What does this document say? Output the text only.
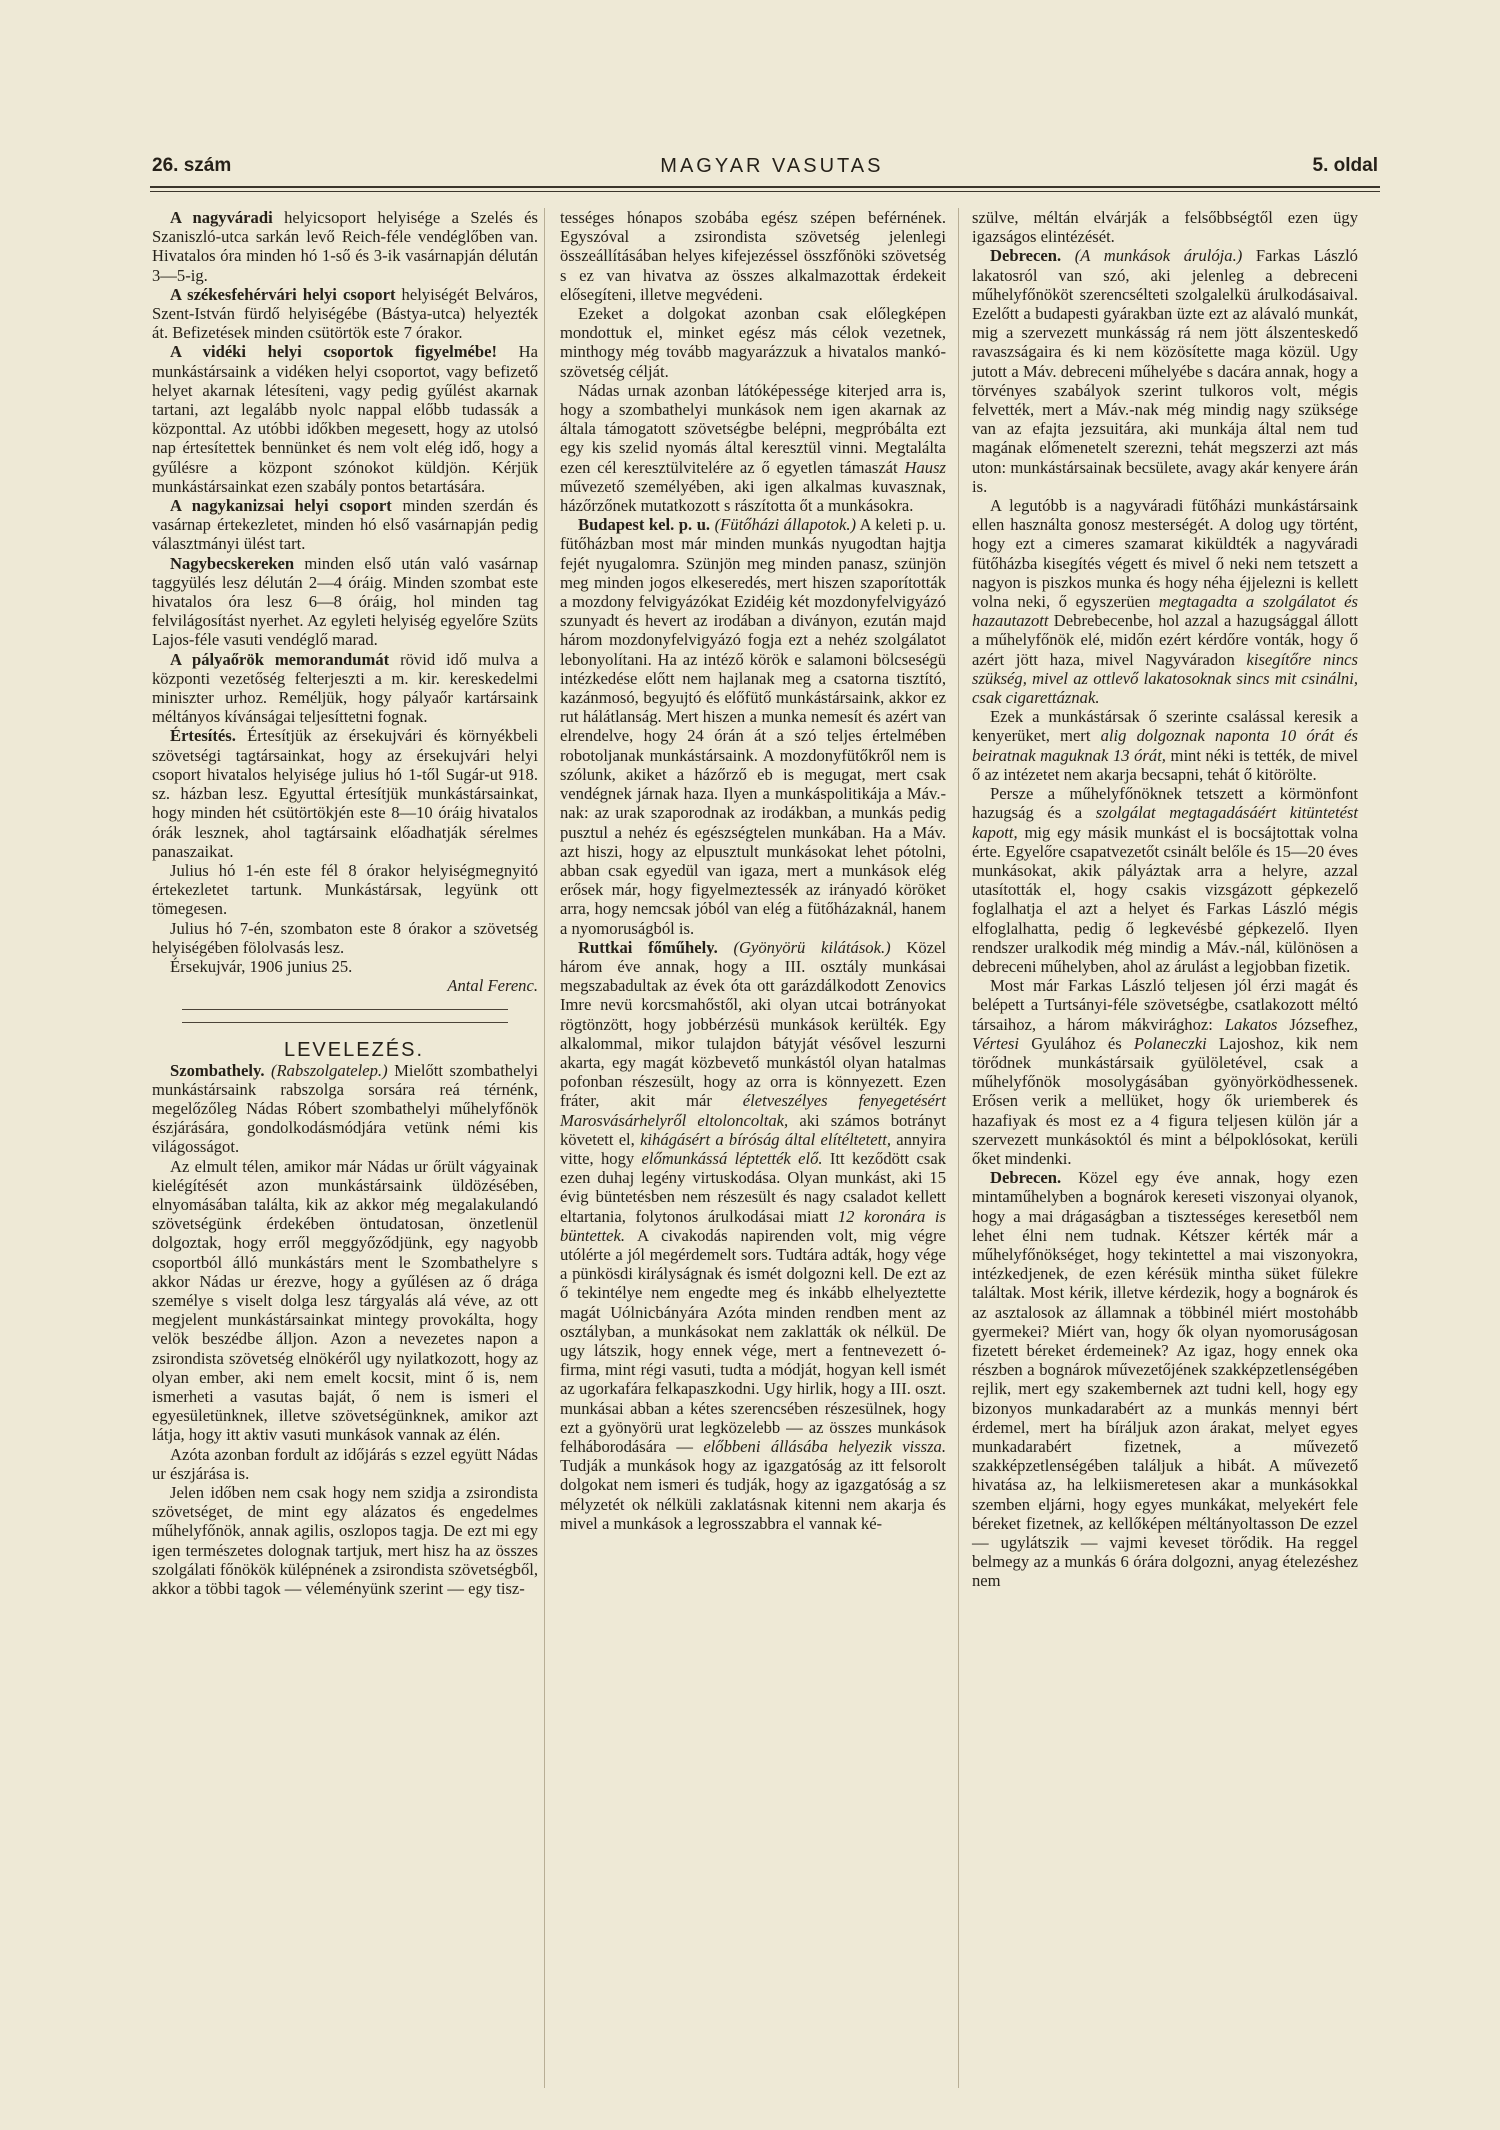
26. szám	MAGYAR VASUTAS	5. oldal

A nagyváradi helyicsoport helyisége a Szelés és Szaniszló-utca sarkán levő Reich-féle vendéglőben van. Hivatalos óra minden hó 1-ső és 3-ik vasárnapján délután 3—5-ig.

A székesfehérvári helyi csoport helyiségét Belváros, Szent-István fürdő helyiségébe (Bástya-utca) helyezték át. Befizetések minden csütörtök este 7 órakor.

A vidéki helyi csoportok figyelmébe! Ha munkástársaink a vidéken helyi csoportot, vagy befizető helyet akarnak létesíteni, vagy pedig gyűlést akarnak tartani, azt legalább nyolc nappal előbb tudassák a központtal. Az utóbbi időkben megesett, hogy az utolsó nap értesítettek bennünket és nem volt elég idő, hogy a gyűlésre a központ szónokot küldjön. Kérjük munkástársainkat ezen szabály pontos betartására.

A nagykanizsai helyi csoport minden szerdán és vasárnap értekezletet, minden hó első vasárnapján pedig választmányi ülést tart.

Nagybecskereken minden első után való vasárnap taggyülés lesz délután 2—4 óráig. Minden szombat este hivatalos óra lesz 6—8 óráig, hol minden tag felvilágosítást nyerhet. Az egyleti helyiség egyelőre Szüts Lajos-féle vasuti vendéglő marad.

A pályaőrök memorandumát rövid idő mulva a központi vezetőség felterjeszti a m. kir. kereskedelmi miniszter urhoz. Reméljük, hogy pályaőr kartársaink méltányos kívánságai teljesíttetni fognak.

Értesítés. Értesítjük az érsekujvári és környékbeli szövetségi tagtársainkat, hogy az érsekujvári helyi csoport hivatalos helyisége julius hó 1-től Sugár-ut 918. sz. házban lesz. Egyuttal értesítjük munkástársainkat, hogy minden hét csütörtökjén este 8—10 óráig hivatalos órák lesznek, ahol tagtársaink előadhatják sérelmes panaszaikat.

Julius hó 1-én este fél 8 órakor helyiségmegnyitó értekezletet tartunk. Munkástársak, legyünk ott tömegesen.

Julius hó 7-én, szombaton este 8 órakor a szövetség helyiségében fölolvasás lesz.

Érsekujvár, 1906 junius 25.

Antal Ferenc.

LEVELEZÉS.

Szombathely. (Rabszolgatelep.) Mielőtt szombathelyi munkástársaink rabszolga sorsára reá térnénk, megelőzőleg Nádas Róbert szombathelyi műhelyfőnök észjárására, gondolkodásmódjára vetünk némi kis világosságot.

Az elmult télen, amikor már Nádas ur őrült vágyainak kielégítését azon munkástársaink üldözésében, elnyomásában találta, kik az akkor még megalakulandó szövetségünk érdekében öntudatosan, önzetlenül dolgoztak, hogy erről meggyőződjünk, egy nagyobb csoportból álló munkástárs ment le Szombathelyre s akkor Nádas ur érezve, hogy a gyűlésen az ő drága személye s viselt dolga lesz tárgyalás alá véve, az ott megjelent munkástársainkat mintegy provokálta, hogy velök beszédbe álljon. Azon a nevezetes napon a zsirondista szövetség elnökéről ugy nyilatkozott, hogy az olyan ember, aki nem emelt kocsit, mint ő is, nem ismerheti a vasutas baját, ő nem is ismeri el egyesületünknek, illetve szövetségünknek, amikor azt látja, hogy itt aktiv vasuti munkások vannak az élén.

Azóta azonban fordult az időjárás s ezzel együtt Nádas ur észjárása is.

Jelen időben nem csak hogy nem szidja a zsirondista szövetséget, de mint egy alázatos és engedelmes műhelyfőnök, annak agilis, oszlopos tagja. De ezt mi egy igen természetes dolognak tartjuk, mert hisz ha az összes szolgálati főnökök külépnének a zsirondista szövetségből, akkor a többi tagok — véleményünk szerint — egy tisz-

tességes hónapos szobába egész szépen beférnének. Egyszóval a zsirondista szövetség jelenlegi összeállításában helyes kifejezéssel összfőnöki szövetség s ez van hivatva az összes alkalmazottak érdekeit elősegíteni, illetve megvédeni.

Ezeket a dolgokat azonban csak előlegképen mondottuk el, minket egész más célok vezetnek, minthogy még tovább magyarázzuk a hivatalos mankó-szövetség célját.

Nádas urnak azonban látóképessége kiterjed arra is, hogy a szombathelyi munkások nem igen akarnak az általa támogatott szövetségbe belépni, megpróbálta ezt egy kis szelid nyomás által keresztül vinni. Megtalálta ezen cél keresztülvitelére az ő egyetlen támaszát Hausz művezető személyében, aki igen alkalmas kuvasznak, házőrzőnek mutatkozott s rászította őt a munkásokra.

Budapest kel. p. u. (Fütőházi állapotok.) A keleti p. u. fütőházban most már minden munkás nyugodtan hajtja fejét nyugalomra. Szünjön meg minden panasz, szünjön meg minden jogos elkeseredés, mert hiszen szaporították a mozdony felvigyázókat Ezidéig két mozdonyfelvigyázó szunyadt és hevert az irodában a diványon, ezután majd három mozdonyfelvigyázó fogja ezt a nehéz szolgálatot lebonyolítani. Ha az intéző körök e salamoni bölcseségü intézkedése előtt nem hajlanak meg a csatorna tisztító, kazánmosó, begyujtó és előfütő munkástársaink, akkor ez rut hálátlanság. Mert hiszen a munka nemesít és azért van elrendelve, hogy 24 órán át a szó teljes értelmében robotoljanak munkástársaink. A mozdonyfütőkről nem is szólunk, akiket a házőrző eb is megugat, mert csak vendégnek járnak haza. Ilyen a munkáspolitikája a Máv.-nak: az urak szaporodnak az irodákban, a munkás pedig pusztul a nehéz és egészségtelen munkában. Ha a Máv. azt hiszi, hogy az elpusztult munkásokat lehet pótolni, abban csak egyedül van igaza, mert a munkások elég erősek már, hogy figyelmeztessék az irányadó köröket arra, hogy nemcsak jóból van elég a fütőházaknál, hanem a nyomoruságból is.

Ruttkai főműhely. (Gyönyörü kilátások.) Közel három éve annak, hogy a III. osztály munkásai megszabadultak az évek óta ott garázdálkodott Zenovics Imre nevü korcsmahőstől, aki olyan utcai botrányokat rögtönzött, hogy jobbérzésü munkások kerülték. Egy alkalommal, mikor tulajdon bátyját vésővel leszurni akarta, egy magát közbevető munkástól olyan hatalmas pofonban részesült, hogy az orra is könnyezett. Ezen fráter, akit már életveszélyes fenyegetésért Marosvásárhelyről eltoloncoltak, aki számos botrányt követett el, kihágásért a bíróság által elítéltetett, annyira vitte, hogy előmunkássá léptették elő. Itt keződött csak ezen duhaj legény virtuskodása. Olyan munkást, aki 15 évig büntetésben nem részesült és nagy csaladot kellett eltartania, folytonos árulkodásai miatt 12 koronára is büntettek. A civakodás napirenden volt, mig végre utólérte a jól megérdemelt sors. Tudtára adták, hogy vége a pünkösdi királyságnak és ismét dolgozni kell. De ezt az ő tekintélye nem engedte meg és inkább elhelyeztette magát Uólnicbányára Azóta minden rendben ment az osztályban, a munkásokat nem zaklatták ok nélkül. De ugy látszik, hogy ennek vége, mert a fentnevezett ó-firma, mint régi vasuti, tudta a módját, hogyan kell ismét az ugorkafára felkapaszkodni. Ugy hirlik, hogy a III. oszt. munkásai abban a kétes szerencsében részesülnek, hogy ezt a gyönyörü urat legközelebb — az összes munkások felháborodására — előbbeni állásába helyezik vissza. Tudják a munkások hogy az igazgatóság az itt felsorolt dolgokat nem ismeri és tudják, hogy az igazgatóság a sz mélyzetét ok nélküli zaklatásnak kitenni nem akarja és mivel a munkások a legrosszabbra el vannak ké-

szülve, méltán elvárják a felsőbbségtől ezen ügy igazságos elintézését.

Debrecen. (A munkások árulója.) Farkas László lakatosról van szó, aki jelenleg a debreceni műhelyfőnököt szerencsélteti szolgalelkü árulkodásaival. Ezelőtt a budapesti gyárakban üzte ezt az alávaló munkát, mig a szervezett munkásság rá nem jött álszenteskedő ravaszságaira és ki nem közösítette maga közül. Ugy jutott a Máv. debreceni műhelyébe s dacára annak, hogy a törvényes szabályok szerint tulkoros volt, mégis felvették, mert a Máv.-nak még mindig nagy szüksége van az efajta jezsuitára, aki munkája által nem tud magának előmenetelt szerezni, tehát megszerzi azt más uton: munkástársainak becsülete, avagy akár kenyere árán is.

A legutóbb is a nagyváradi fütőházi munkástársaink ellen használta gonosz mesterségét. A dolog ugy történt, hogy ezt a cimeres szamarat kiküldték a nagyváradi fütőházba kisegítés végett és mivel ő neki nem tetszett a nagyon is piszkos munka és hogy néha éjjelezni is kellett volna neki, ő egyszerüen megtagadta a szolgálatot és hazautazott Debrebecenbe, hol azzal a hazugsággal állott a műhelyfőnök elé, midőn ezért kérdőre vonták, hogy ő azért jött haza, mivel Nagyváradon kisegítőre nincs szükség, mivel az ottlevő lakatosoknak sincs mit csinálni, csak cigarettáznak.

Ezek a munkástársak ő szerinte csalással keresik a kenyerüket, mert alig dolgoznak naponta 10 órát és beiratnak maguknak 13 órát, mint néki is tették, de mivel ő az intézetet nem akarja becsapni, tehát ő kitörölte.

Persze a műhelyfőnöknek tetszett a körmönfont hazugság és a szolgálat megtagadásáért kitüntetést kapott, mig egy másik munkást el is bocsájtottak volna érte. Egyelőre csapatvezetőt csinált belőle és 15—20 éves munkásokat, akik pályáztak arra a helyre, azzal utasították el, hogy csakis vizsgázott gépkezelő foglalhatja el azt a helyet és Farkas László mégis elfoglalhatta, pedig ő legkevésbé gépkezelő. Ilyen rendszer uralkodik még mindig a Máv.-nál, különösen a debreceni műhelyben, ahol az árulást a legjobban fizetik.

Most már Farkas László teljesen jól érzi magát és belépett a Turtsányi-féle szövetségbe, csatlakozott méltó társaihoz, a három mákvirághoz: Lakatos Józsefhez, Vértesi Gyulához és Polaneczki Lajoshoz, kik nem törődnek munkástársaik gyülöletével, csak a műhelyfőnök mosolygásában gyönyörködhessenek. Erősen verik a mellüket, hogy ők uriemberek és hazafiyak és most ez a 4 figura teljesen külön jár a szervezett munkásoktól és mint a bélpoklósokat, kerüli őket mindenki.

Debrecen. Közel egy éve annak, hogy ezen mintaműhelyben a bognárok kereseti viszonyai olyanok, hogy a mai drágaságban a tisztességes keresetből nem lehet élni nem tudnak. Kétszer kérték már a műhelyfőnökséget, hogy tekintettel a mai viszonyokra, intézkedjenek, de ezen kérésük mintha süket fülekre találtak. Most kérik, illetve kérdezik, hogy a bognárok és az asztalosok az államnak a többinél miért mostohább gyermekei? Miért van, hogy ők olyan nyomoruságosan fizetett béreket érdemeinek? Az igaz, hogy ennek oka részben a bognárok művezetőjének szakképzetlenségében rejlik, mert egy szakembernek azt tudni kell, hogy egy bizonyos munkadarabért az a munkás mennyi bért érdemel, mert ha bíráljuk azon árakat, melyet egyes munkadarabért fizetnek, a művezető szakképzetlenségében találjuk a hibát. A művezető hivatása az, ha lelkiismeretesen akar a munkásokkal szemben eljárni, hogy egyes munkákat, melyekért fele béreket fizetnek, az kellőképen méltányoltasson De ezzel — ugylátszik — vajmi keveset törődik. Ha reggel belmegy az a munkás 6 órára dolgozni, anyag ételezéshez nem
